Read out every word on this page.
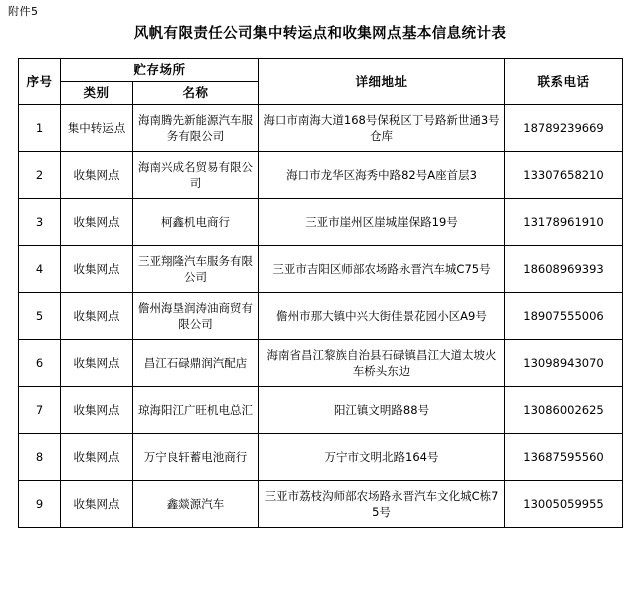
附件5
风帆有限责任公司集中转运点和收集网点基本信息统计表
序号	贮存场所		详细地址	联系电话
	类别	名称		
1	集中转运点	海南腾先新能源汽车服务有限公司	海口市南海大道168号保税区丁号路新世通3号仓库	18789239669
2	收集网点	海南兴成名贸易有限公司	海口市龙华区海秀中路82号A座首层3	13307658210
3	收集网点	柯鑫机电商行	三亚市崖州区崖城崖保路19号	13178961910
4	收集网点	三亚翔隆汽车服务有限公司	三亚市吉阳区师部农场路永晋汽车城C75号	18608969393
5	收集网点	儋州海垦润涛油商贸有限公司	儋州市那大镇中兴大街佳景花园小区A9号	18907555006
6	收集网点	昌江石碌鼎润汽配店	海南省昌江黎族自治县石碌镇昌江大道太坡火车桥头东边	13098943070
7	收集网点	琼海阳江广旺机电总汇	阳江镇文明路88号	13086002625
8	收集网点	万宁良轩蓄电池商行	万宁市文明北路164号	13687595560
9	收集网点	鑫燚源汽车	三亚市荔枝沟师部农场路永晋汽车文化城C栋75号	13005059955
